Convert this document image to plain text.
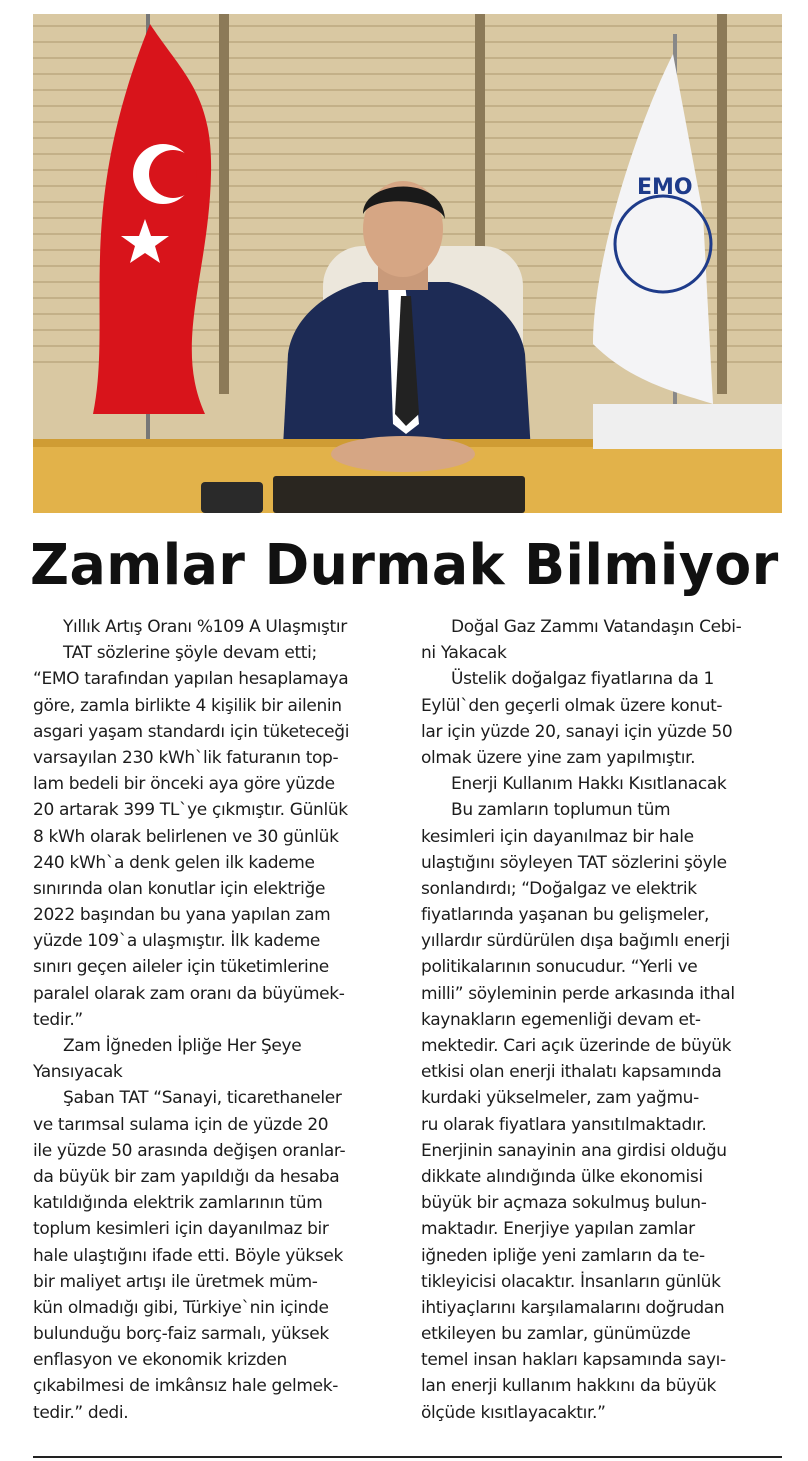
EMO
Zamlar Durmak Bilmiyor
Yıllık Artış Oranı %109 A Ulaşmıştır
TAT sözlerine şöyle devam etti;
“EMO tarafından yapılan hesaplamaya
göre, zamla birlikte 4 kişilik bir ailenin
asgari yaşam standardı için tüketeceği
varsayılan 230 kWh`lik faturanın top-
lam bedeli bir önceki aya göre yüzde
20 artarak 399 TL`ye çıkmıştır. Günlük
8 kWh olarak belirlenen ve 30 günlük
240 kWh`a denk gelen ilk kademe
sınırında olan konutlar için elektriğe
2022 başından bu yana yapılan zam
yüzde 109`a ulaşmıştır. İlk kademe
sınırı geçen aileler için tüketimlerine
paralel olarak zam oranı da büyümek-
tedir.”
Zam İğneden İpliğe Her Şeye
Yansıyacak
Şaban TAT “Sanayi, ticarethaneler
ve tarımsal sulama için de yüzde 20
ile yüzde 50 arasında değişen oranlar-
da büyük bir zam yapıldığı da hesaba
katıldığında elektrik zamlarının tüm
toplum kesimleri için dayanılmaz bir
hale ulaştığını ifade etti. Böyle yüksek
bir maliyet artışı ile üretmek müm-
kün olmadığı gibi, Türkiye`nin içinde
bulunduğu borç-faiz sarmalı, yüksek
enflasyon ve ekonomik krizden
çıkabilmesi de imkânsız hale gelmek-
tedir.” dedi.
Doğal Gaz Zammı Vatandaşın Cebi-
ni Yakacak
Üstelik doğalgaz fiyatlarına da 1
Eylül`den geçerli olmak üzere konut-
lar için yüzde 20, sanayi için yüzde 50
olmak üzere yine zam yapılmıştır.
Enerji Kullanım Hakkı Kısıtlanacak
Bu zamların toplumun tüm
kesimleri için dayanılmaz bir hale
ulaştığını söyleyen TAT sözlerini şöyle
sonlandırdı; “Doğalgaz ve elektrik
fiyatlarında yaşanan bu gelişmeler,
yıllardır sürdürülen dışa bağımlı enerji
politikalarının sonucudur. “Yerli ve
milli” söyleminin perde arkasında ithal
kaynakların egemenliği devam et-
mektedir. Cari açık üzerinde de büyük
etkisi olan enerji ithalatı kapsamında
kurdaki yükselmeler, zam yağmu-
ru olarak fiyatlara yansıtılmaktadır.
Enerjinin sanayinin ana girdisi olduğu
dikkate alındığında ülke ekonomisi
büyük bir açmaza sokulmuş bulun-
maktadır. Enerjiye yapılan zamlar
iğneden ipliğe yeni zamların da te-
tikleyicisi olacaktır. İnsanların günlük
ihtiyaçlarını karşılamalarını doğrudan
etkileyen bu zamlar, günümüzde
temel insan hakları kapsamında sayı-
lan enerji kullanım hakkını da büyük
ölçüde kısıtlayacaktır.”
